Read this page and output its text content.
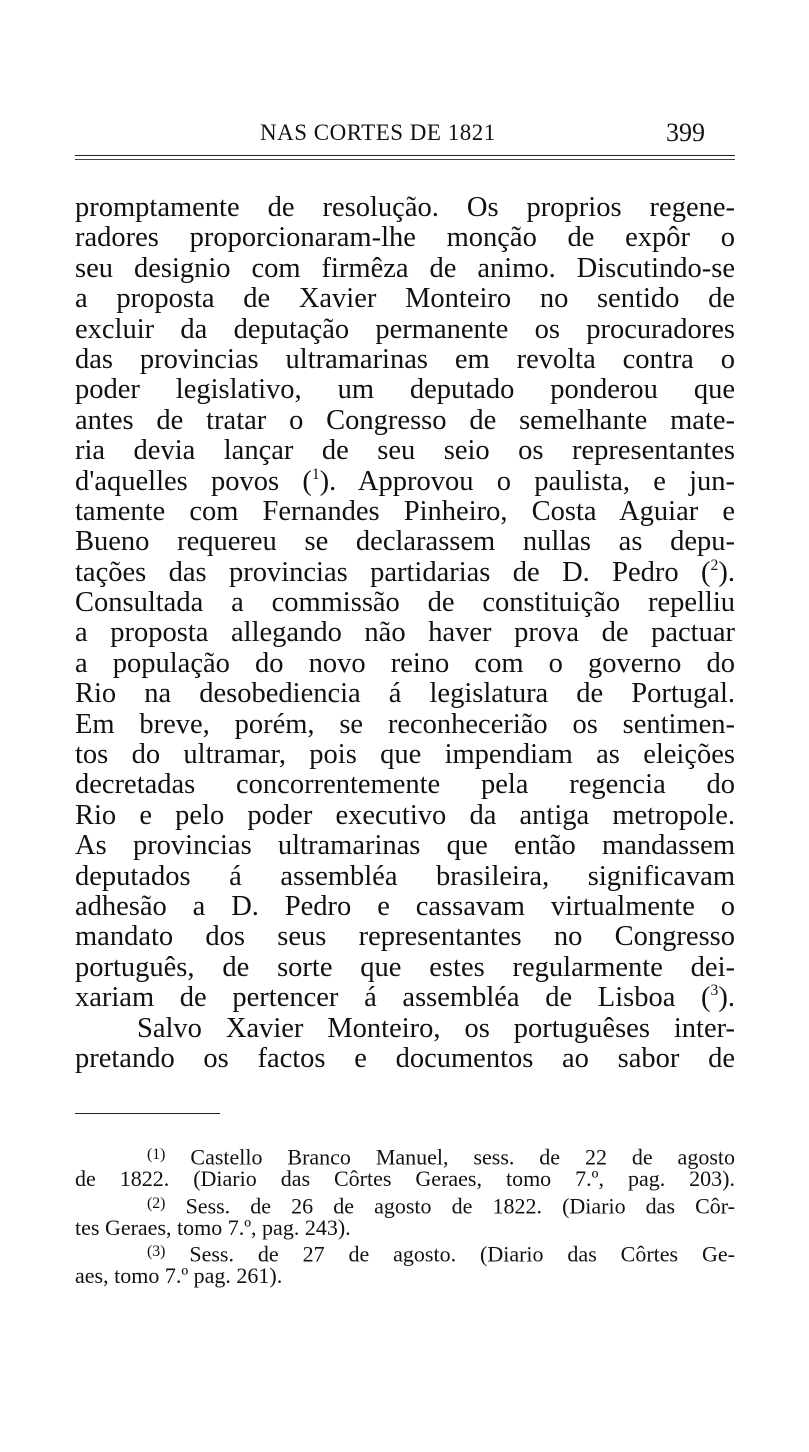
NAS CORTES DE 1821	399
promptamente de resolução. Os proprios regene-
radores proporcionaram-lhe monção de expôr o
seu designio com firmêza de animo. Discutindo-se
a proposta de Xavier Monteiro no sentido de
excluir da deputação permanente os procuradores
das provincias ultramarinas em revolta contra o
poder legislativo, um deputado ponderou que
antes de tratar o Congresso de semelhante mate-
ria devia lançar de seu seio os representantes
d'aquelles povos ($^1$). Approvou o paulista, e jun-
tamente com Fernandes Pinheiro, Costa Aguiar e
Bueno requereu se declarassem nullas as depu-
tações das provincias partidarias de D. Pedro ($^2$).
Consultada a commissão de constituição repelliu
a proposta allegando não haver prova de pactuar
a população do novo reino com o governo do
Rio na desobediencia á legislatura de Portugal.
Em breve, porém, se reconhecerião os sentimen-
tos do ultramar, pois que impendiam as eleições
decretadas concorrentemente pela regencia do
Rio e pelo poder executivo da antiga metropole.
As provincias ultramarinas que então mandassem
deputados á assembléa brasileira, significavam
adhesão a D. Pedro e cassavam virtualmente o
mandato dos seus representantes no Congresso
português, de sorte que estes regularmente dei-
xariam de pertencer á assembléa de Lisboa ($^3$).
Salvo Xavier Monteiro, os portuguêses inter-
pretando os factos e documentos ao sabor de
$^{(1)}$ Castello Branco Manuel, sess. de 22 de agosto
de 1822. (Diario das Côrtes Geraes, tomo 7.º, pag. 203).
$^{(2)}$ Sess. de 26 de agosto de 1822. (Diario das Côr-
tes Geraes, tomo 7.º, pag. 243).
$^{(3)}$ Sess. de 27 de agosto. (Diario das Côrtes Ge-
aes, tomo 7.º pag. 261).
